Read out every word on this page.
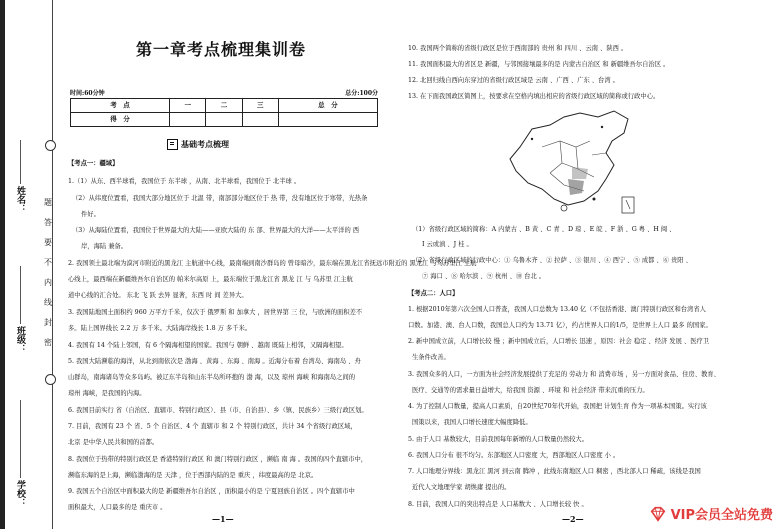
姓名：
班级：
学校：
题
答
要
不
内
线
封
密
第一章考点梳理集训卷
时间:60分钟	总分:100分
考　点	一	二	三	总　分
得　分				
基础考点梳理
【考点一：疆域】
1.（1）从东、西半球看，我国位于 东半球 ，从南、北半球看，我国位于 北半球 。
（2）从纬度位置看，我国大部分地区位于 北温 带，南部部分地区位于 热 带，没有地区位于寒带，光热条
件好。
（3）从海陆位置看，我国位于世界最大的大陆——亚欧大陆的 东 部、世界最大的大洋——太平洋的 西
岸，海陆 兼备。
2. 我国领土最北端为漠河市附近的黑龙江 主航道中心线，最南端到南沙群岛的 曾母暗沙，最东端在黑龙江省抚远市附近的 黑龙江 与乌苏里江 主航
心线上，最西端在新疆维吾尔自治区的 帕米尔高原 上，最东端位于黑龙江省 黑龙 江 与 乌苏里 江主航
道中心线的汇合处。 东北 飞 跃 去异 显著，东西 时 间 差异大。
3. 我国陆地国土面积约 960 万平方千米，仅次于 俄罗斯 和 加拿大 ，居世界第 三 位，与欧洲的面积差不
多。陆上国界线长 2.2 万 多千米。大陆海岸线长 1.8 万 多千米。
4. 我国有 14 个陆上邻国，有 6 个隔海相望的国家。我国与 朝鲜 、越南 既陆上相邻，又隔海相望。
5. 我国大陆濒临的海洋，从北到南依次是 渤海 、黄海 、东海 、南海 。近海分布着 台湾岛、海南岛 、舟
山群岛，南海诸岛等众多岛屿。被辽东半岛和山东半岛所环抱的 渤 海，以及 琼州 海峡 和海南岛之间的
琼州 海峡，是我国的内海。
6. 我国目前实行 省（自治区、直辖市、特别行政区）、县（市、自治县）、乡（镇、民族乡）三级行政区划。
7. 目前，我国有 23 个 省、5 个 自治区、4 个 直辖市 和 2 个 特别行政区，共计 34 个省级行政区域，
北京 是中华人民共和国的首都。
8. 我国位于热带的特别行政区是 香港特别行政区 和 澳门特别行政区 ，濒临 南 海 。我国的四个直辖市中，
濒临东海的是上海，濒临渤海的是 天津 ，位于西部内陆的是 重庆 ，纬度最高的是 北京。
9. 我国五个自治区中面积最大的是 新疆维吾尔自治区 ，面积最小的是 宁夏回族自治区 。四个直辖市中
面积最大，人口最多的是 重庆市 。
—1—
10. 我国两个简称的省级行政区是位于西南部的 贵州 和 四川 、云南 、陕西 。
11. 我国面积最大的省区是 新疆，与邻国接壤最多的是 内蒙古自治区 和 新疆维吾尔自治区 。
12. 北回归线自西向东穿过的省级行政区域是 云南 、广西 、广东 、台湾 。
13. 在下面我国政区简图上，按要求在空格内填出相应的省级行政区域的简称或行政中心。
（1）省级行政区域的简称：A 内蒙古 、B 黄 、C 青 、D 琼 、E 皖 、F 浙 、G 粤 、H 闽 、
I 云或滇 、J 桂 。
（2）省级行政区域的行政中心：① 乌鲁木齐 、② 拉萨 、③ 银川 、④ 西宁 、⑤ 成都 、⑥ 贵阳 、
⑦ 海口 、⑧ 哈尔滨 、⑨ 杭州 、⑩ 台北 。
【考点二：人口】
1. 根据2010年第六次全国人口普查，我国人口总数为 13.40 亿（不包括香港、澳门特别行政区和台湾省人
口数。加港、澳、台人口数，我国总人口约为 13.71 亿），约占世界人口的1/5，是世界上人口 最多 的国家。
2. 新中国成立前，人口增长较 慢 ；新中国成立后，人口增长 迅速 ，原因：社会 稳定 、经济 发展 、医疗卫
生条件改善。
3. 我国众多的人口，一方面为社会经济发展提供了充足的 劳动力 和 消费市场 ，另一方面对食品、住房、教育、
医疗、交通等的需求量日益增大，给我国 资源 、环境 和 社会经济 带来沉重的压力。
4. 为了控制人口数量，提高人口素质，自20世纪70年代开始，我国把 计划生育 作为一项基本国策。实行该
国策以来，我国人口增长速度大幅度降低。
5. 由于人口 基数较大，目前我国每年新增的人口数量仍然较大。
6. 我国人口分布 很不均匀。东部地区人口密度 大，西部地区人口密度 小 。
7. 人口地理分界线：黑龙江 黑河 到云南 腾冲 ，此线东南地区人口 稠密 ，西北部人口 稀疏，该线是我国
近代人文地理学家 胡焕庸 提出的。
8. 目前，我国人口的突出特点是 人口基数大 、人口增长较 快 。
—2—	VIP会员全站免费
